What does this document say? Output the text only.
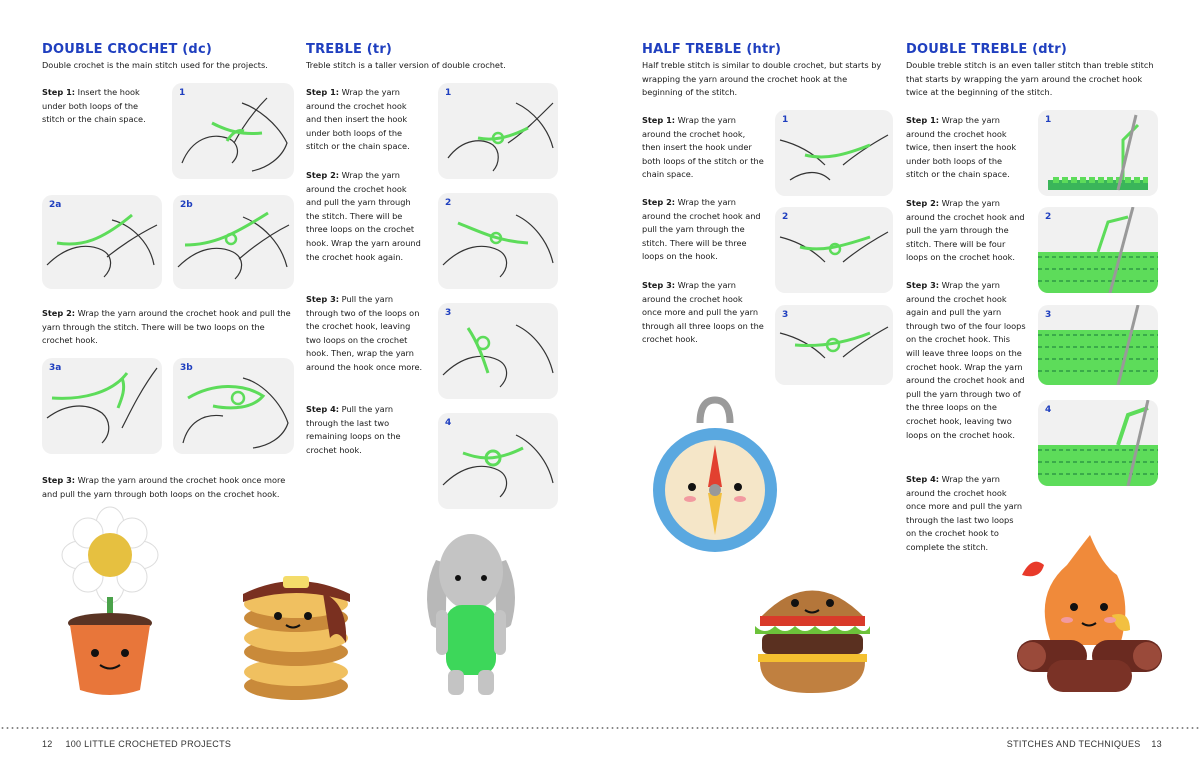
DOUBLE CROCHET (dc)

Double crochet is the main stitch used for the projects.

Step 1: Insert the hook under both loops of the stitch or the chain space.

1
2a	2b

Step 2: Wrap the yarn around the crochet hook and pull the yarn through the stitch. There will be two loops on the crochet hook.

3a	3b

Step 3: Wrap the yarn around the crochet hook once more and pull the yarn through both loops on the crochet hook.

TREBLE (tr)

Treble stitch is a taller version of double crochet.

Step 1: Wrap the yarn around the crochet hook and then insert the hook under both loops of the stitch or the chain space.

Step 2: Wrap the yarn around the crochet hook and pull the yarn through the stitch. There will be three loops on the crochet hook. Wrap the yarn around the crochet hook again.

Step 3: Pull the yarn through two of the loops on the crochet hook, leaving two loops on the crochet hook. Then, wrap the yarn around the hook once more.

Step 4: Pull the yarn through the last two remaining loops on the crochet hook.

1
2
3
4
HALF TREBLE (htr)

Half treble stitch is similar to double crochet, but starts by wrapping the yarn around the crochet hook at the beginning of the stitch.

Step 1: Wrap the yarn around the crochet hook, then insert the hook under both loops of the stitch or the chain space.

Step 2: Wrap the yarn around the crochet hook and pull the yarn through the stitch. There will be three loops on the hook.

Step 3: Wrap the yarn around the crochet hook once more and pull the yarn through all three loops on the crochet hook.

1
2
3
DOUBLE TREBLE (dtr)

Double treble stitch is an even taller stitch than treble stitch that starts by wrapping the yarn around the crochet hook twice at the beginning of the stitch.

Step 1: Wrap the yarn around the crochet hook twice, then insert the hook under both loops of the stitch or the chain space.

Step 2: Wrap the yarn around the crochet hook and pull the yarn through the stitch. There will be four loops on the crochet hook.

Step 3: Wrap the yarn around the crochet hook again and pull the yarn through two of the four loops on the crochet hook. This will leave three loops on the crochet hook. Wrap the yarn around the crochet hook and pull the yarn through two of the three loops on the crochet hook, leaving two loops on the crochet hook.

Step 4: Wrap the yarn around the crochet hook once more and pull the yarn through the last two loops on the crochet hook to complete the stitch.

1
2
3
4
12 100 LITTLE CROCHETED PROJECTS	STITCHES AND TECHNIQUES 13
